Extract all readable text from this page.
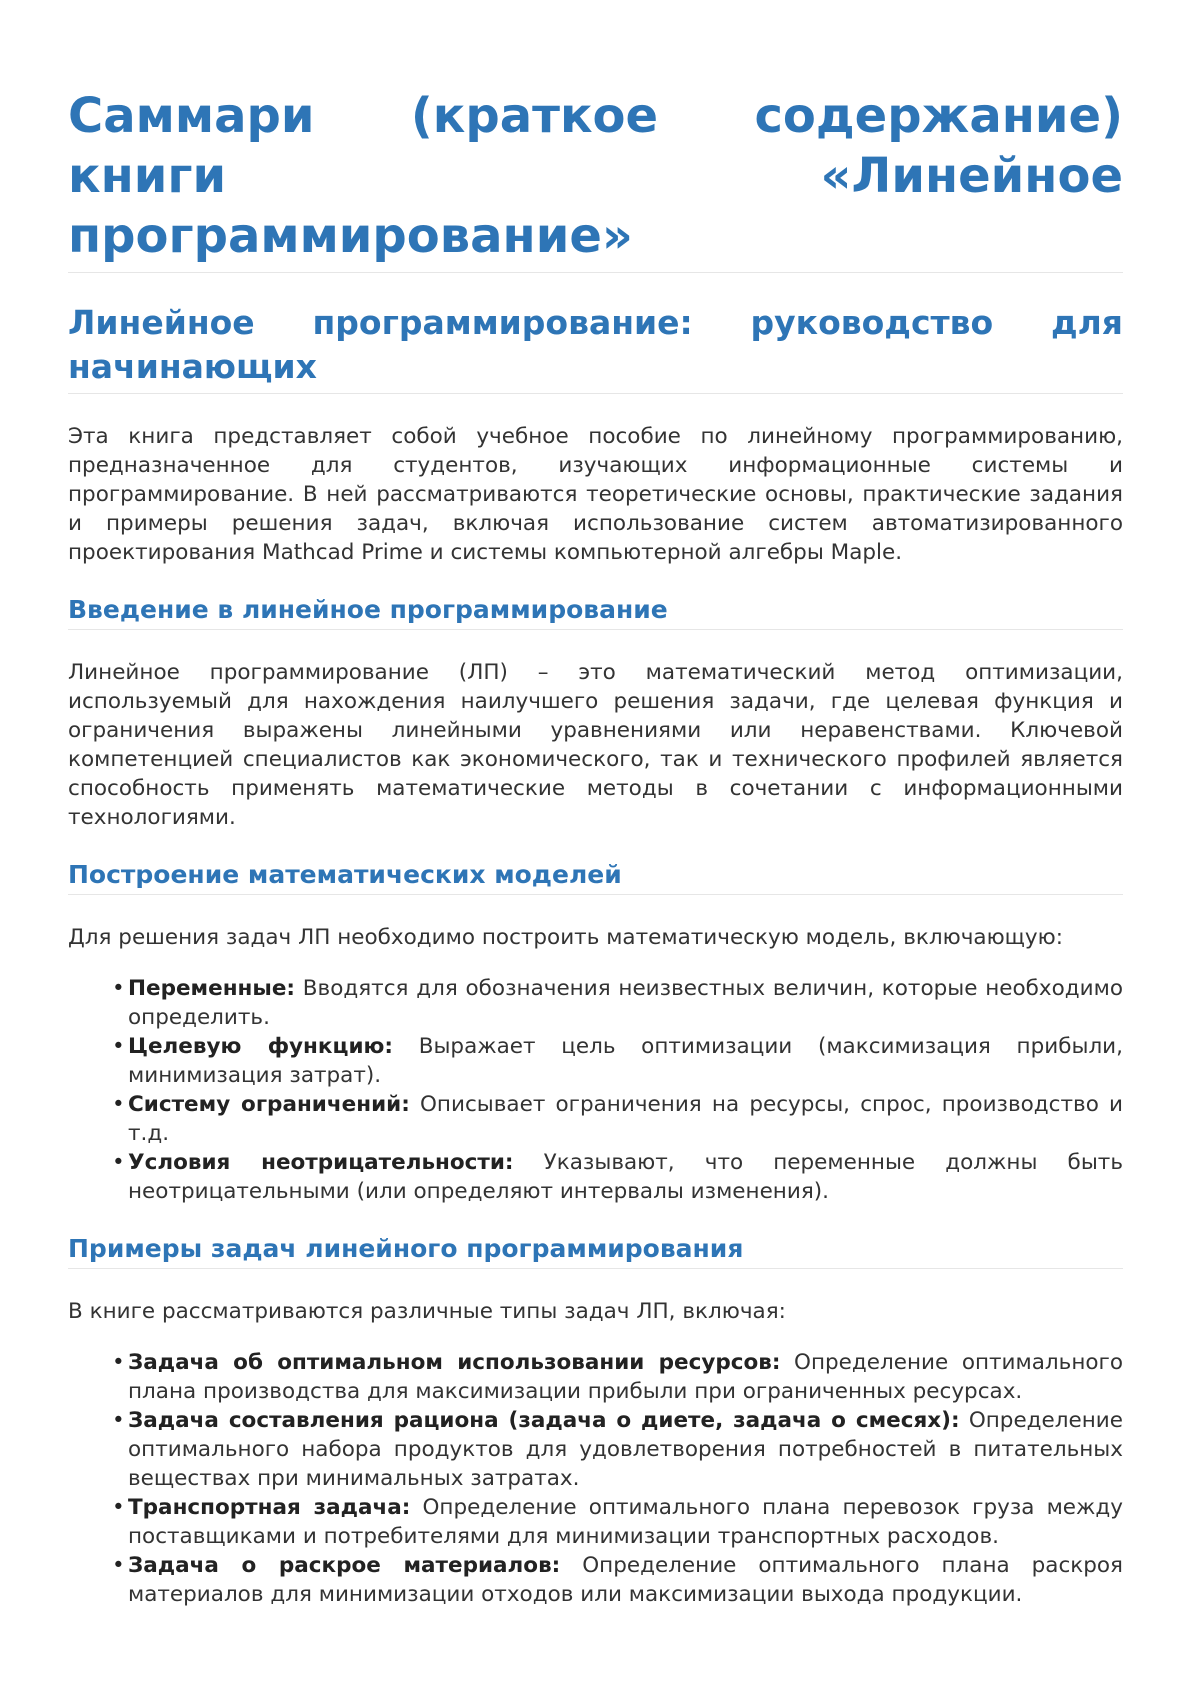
Саммари (краткое содержание) книги «Линейное программирование»
Линейное программирование: руководство для начинающих

Эта книга представляет собой учебное пособие по линейному программированию, предназначенное для студентов, изучающих информационные системы и программирование. В ней рассматриваются теоретические основы, практические задания и примеры решения задач, включая использование систем автоматизированного проектирования Mathcad Prime и системы компьютерной алгебры Maple.

Введение в линейное программирование

Линейное программирование (ЛП) – это математический метод оптимизации, используемый для нахождения наилучшего решения задачи, где целевая функция и ограничения выражены линейными уравнениями или неравенствами. Ключевой компетенцией специалистов как экономического, так и технического профилей является способность применять математические методы в сочетании с информационными технологиями.

Построение математических моделей

Для решения задач ЛП необходимо построить математическую модель, включающую:

• Переменные: Вводятся для обозначения неизвестных величин, которые необходимо определить.
• Целевую функцию: Выражает цель оптимизации (максимизация прибыли, минимизация затрат).
• Систему ограничений: Описывает ограничения на ресурсы, спрос, производство и т.д.
• Условия неотрицательности: Указывают, что переменные должны быть неотрицательными (или определяют интервалы изменения).
Примеры задач линейного программирования

В книге рассматриваются различные типы задач ЛП, включая:

• Задача об оптимальном использовании ресурсов: Определение оптимального плана производства для максимизации прибыли при ограниченных ресурсах.
• Задача составления рациона (задача о диете, задача о смесях): Определение оптимального набора продуктов для удовлетворения потребностей в питательных веществах при минимальных затратах.
• Транспортная задача: Определение оптимального плана перевозок груза между поставщиками и потребителями для минимизации транспортных расходов.
• Задача о раскрое материалов: Определение оптимального плана раскроя материалов для минимизации отходов или максимизации выхода продукции.
